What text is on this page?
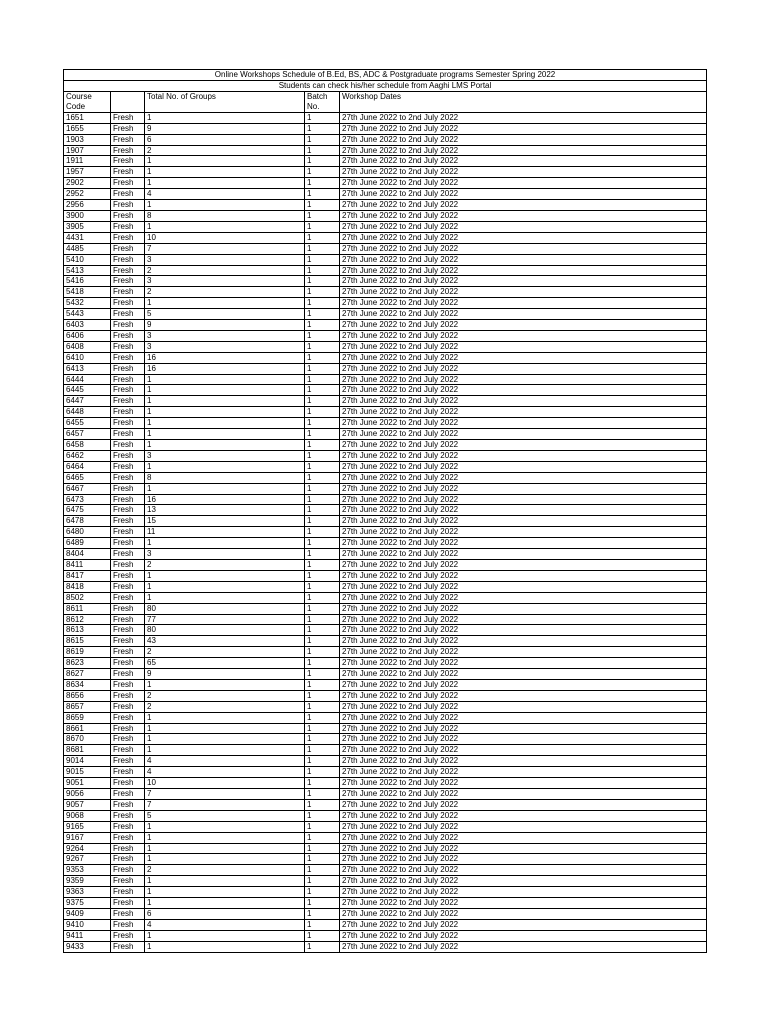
Online Workshops Schedule of B.Ed, BS, ADC & Postgraduate programs Semester Spring 2022				
Students can check his/her schedule from Aaghi LMS Portal				
Course Code		Total No. of Groups	Batch No.	Workshop Dates
1651	Fresh	1	1	27th June 2022 to 2nd July 2022
1655	Fresh	9	1	27th June 2022 to 2nd July 2022
1903	Fresh	6	1	27th June 2022 to 2nd July 2022
1907	Fresh	2	1	27th June 2022 to 2nd July 2022
1911	Fresh	1	1	27th June 2022 to 2nd July 2022
1957	Fresh	1	1	27th June 2022 to 2nd July 2022
2902	Fresh	1	1	27th June 2022 to 2nd July 2022
2952	Fresh	4	1	27th June 2022 to 2nd July 2022
2956	Fresh	1	1	27th June 2022 to 2nd July 2022
3900	Fresh	8	1	27th June 2022 to 2nd July 2022
3905	Fresh	1	1	27th June 2022 to 2nd July 2022
4431	Fresh	10	1	27th June 2022 to 2nd July 2022
4485	Fresh	7	1	27th June 2022 to 2nd July 2022
5410	Fresh	3	1	27th June 2022 to 2nd July 2022
5413	Fresh	2	1	27th June 2022 to 2nd July 2022
5416	Fresh	3	1	27th June 2022 to 2nd July 2022
5418	Fresh	2	1	27th June 2022 to 2nd July 2022
5432	Fresh	1	1	27th June 2022 to 2nd July 2022
5443	Fresh	5	1	27th June 2022 to 2nd July 2022
6403	Fresh	9	1	27th June 2022 to 2nd July 2022
6406	Fresh	3	1	27th June 2022 to 2nd July 2022
6408	Fresh	3	1	27th June 2022 to 2nd July 2022
6410	Fresh	16	1	27th June 2022 to 2nd July 2022
6413	Fresh	16	1	27th June 2022 to 2nd July 2022
6444	Fresh	1	1	27th June 2022 to 2nd July 2022
6445	Fresh	1	1	27th June 2022 to 2nd July 2022
6447	Fresh	1	1	27th June 2022 to 2nd July 2022
6448	Fresh	1	1	27th June 2022 to 2nd July 2022
6455	Fresh	1	1	27th June 2022 to 2nd July 2022
6457	Fresh	1	1	27th June 2022 to 2nd July 2022
6458	Fresh	1	1	27th June 2022 to 2nd July 2022
6462	Fresh	3	1	27th June 2022 to 2nd July 2022
6464	Fresh	1	1	27th June 2022 to 2nd July 2022
6465	Fresh	8	1	27th June 2022 to 2nd July 2022
6467	Fresh	1	1	27th June 2022 to 2nd July 2022
6473	Fresh	16	1	27th June 2022 to 2nd July 2022
6475	Fresh	13	1	27th June 2022 to 2nd July 2022
6478	Fresh	15	1	27th June 2022 to 2nd July 2022
6480	Fresh	11	1	27th June 2022 to 2nd July 2022
6489	Fresh	1	1	27th June 2022 to 2nd July 2022
8404	Fresh	3	1	27th June 2022 to 2nd July 2022
8411	Fresh	2	1	27th June 2022 to 2nd July 2022
8417	Fresh	1	1	27th June 2022 to 2nd July 2022
8418	Fresh	1	1	27th June 2022 to 2nd July 2022
8502	Fresh	1	1	27th June 2022 to 2nd July 2022
8611	Fresh	80	1	27th June 2022 to 2nd July 2022
8612	Fresh	77	1	27th June 2022 to 2nd July 2022
8613	Fresh	80	1	27th June 2022 to 2nd July 2022
8615	Fresh	43	1	27th June 2022 to 2nd July 2022
8619	Fresh	2	1	27th June 2022 to 2nd July 2022
8623	Fresh	65	1	27th June 2022 to 2nd July 2022
8627	Fresh	9	1	27th June 2022 to 2nd July 2022
8634	Fresh	1	1	27th June 2022 to 2nd July 2022
8656	Fresh	2	1	27th June 2022 to 2nd July 2022
8657	Fresh	2	1	27th June 2022 to 2nd July 2022
8659	Fresh	1	1	27th June 2022 to 2nd July 2022
8661	Fresh	1	1	27th June 2022 to 2nd July 2022
8670	Fresh	1	1	27th June 2022 to 2nd July 2022
8681	Fresh	1	1	27th June 2022 to 2nd July 2022
9014	Fresh	4	1	27th June 2022 to 2nd July 2022
9015	Fresh	4	1	27th June 2022 to 2nd July 2022
9051	Fresh	10	1	27th June 2022 to 2nd July 2022
9056	Fresh	7	1	27th June 2022 to 2nd July 2022
9057	Fresh	7	1	27th June 2022 to 2nd July 2022
9068	Fresh	5	1	27th June 2022 to 2nd July 2022
9165	Fresh	1	1	27th June 2022 to 2nd July 2022
9167	Fresh	1	1	27th June 2022 to 2nd July 2022
9264	Fresh	1	1	27th June 2022 to 2nd July 2022
9267	Fresh	1	1	27th June 2022 to 2nd July 2022
9353	Fresh	2	1	27th June 2022 to 2nd July 2022
9359	Fresh	1	1	27th June 2022 to 2nd July 2022
9363	Fresh	1	1	27th June 2022 to 2nd July 2022
9375	Fresh	1	1	27th June 2022 to 2nd July 2022
9409	Fresh	6	1	27th June 2022 to 2nd July 2022
9410	Fresh	4	1	27th June 2022 to 2nd July 2022
9411	Fresh	1	1	27th June 2022 to 2nd July 2022
9433	Fresh	1	1	27th June 2022 to 2nd July 2022
